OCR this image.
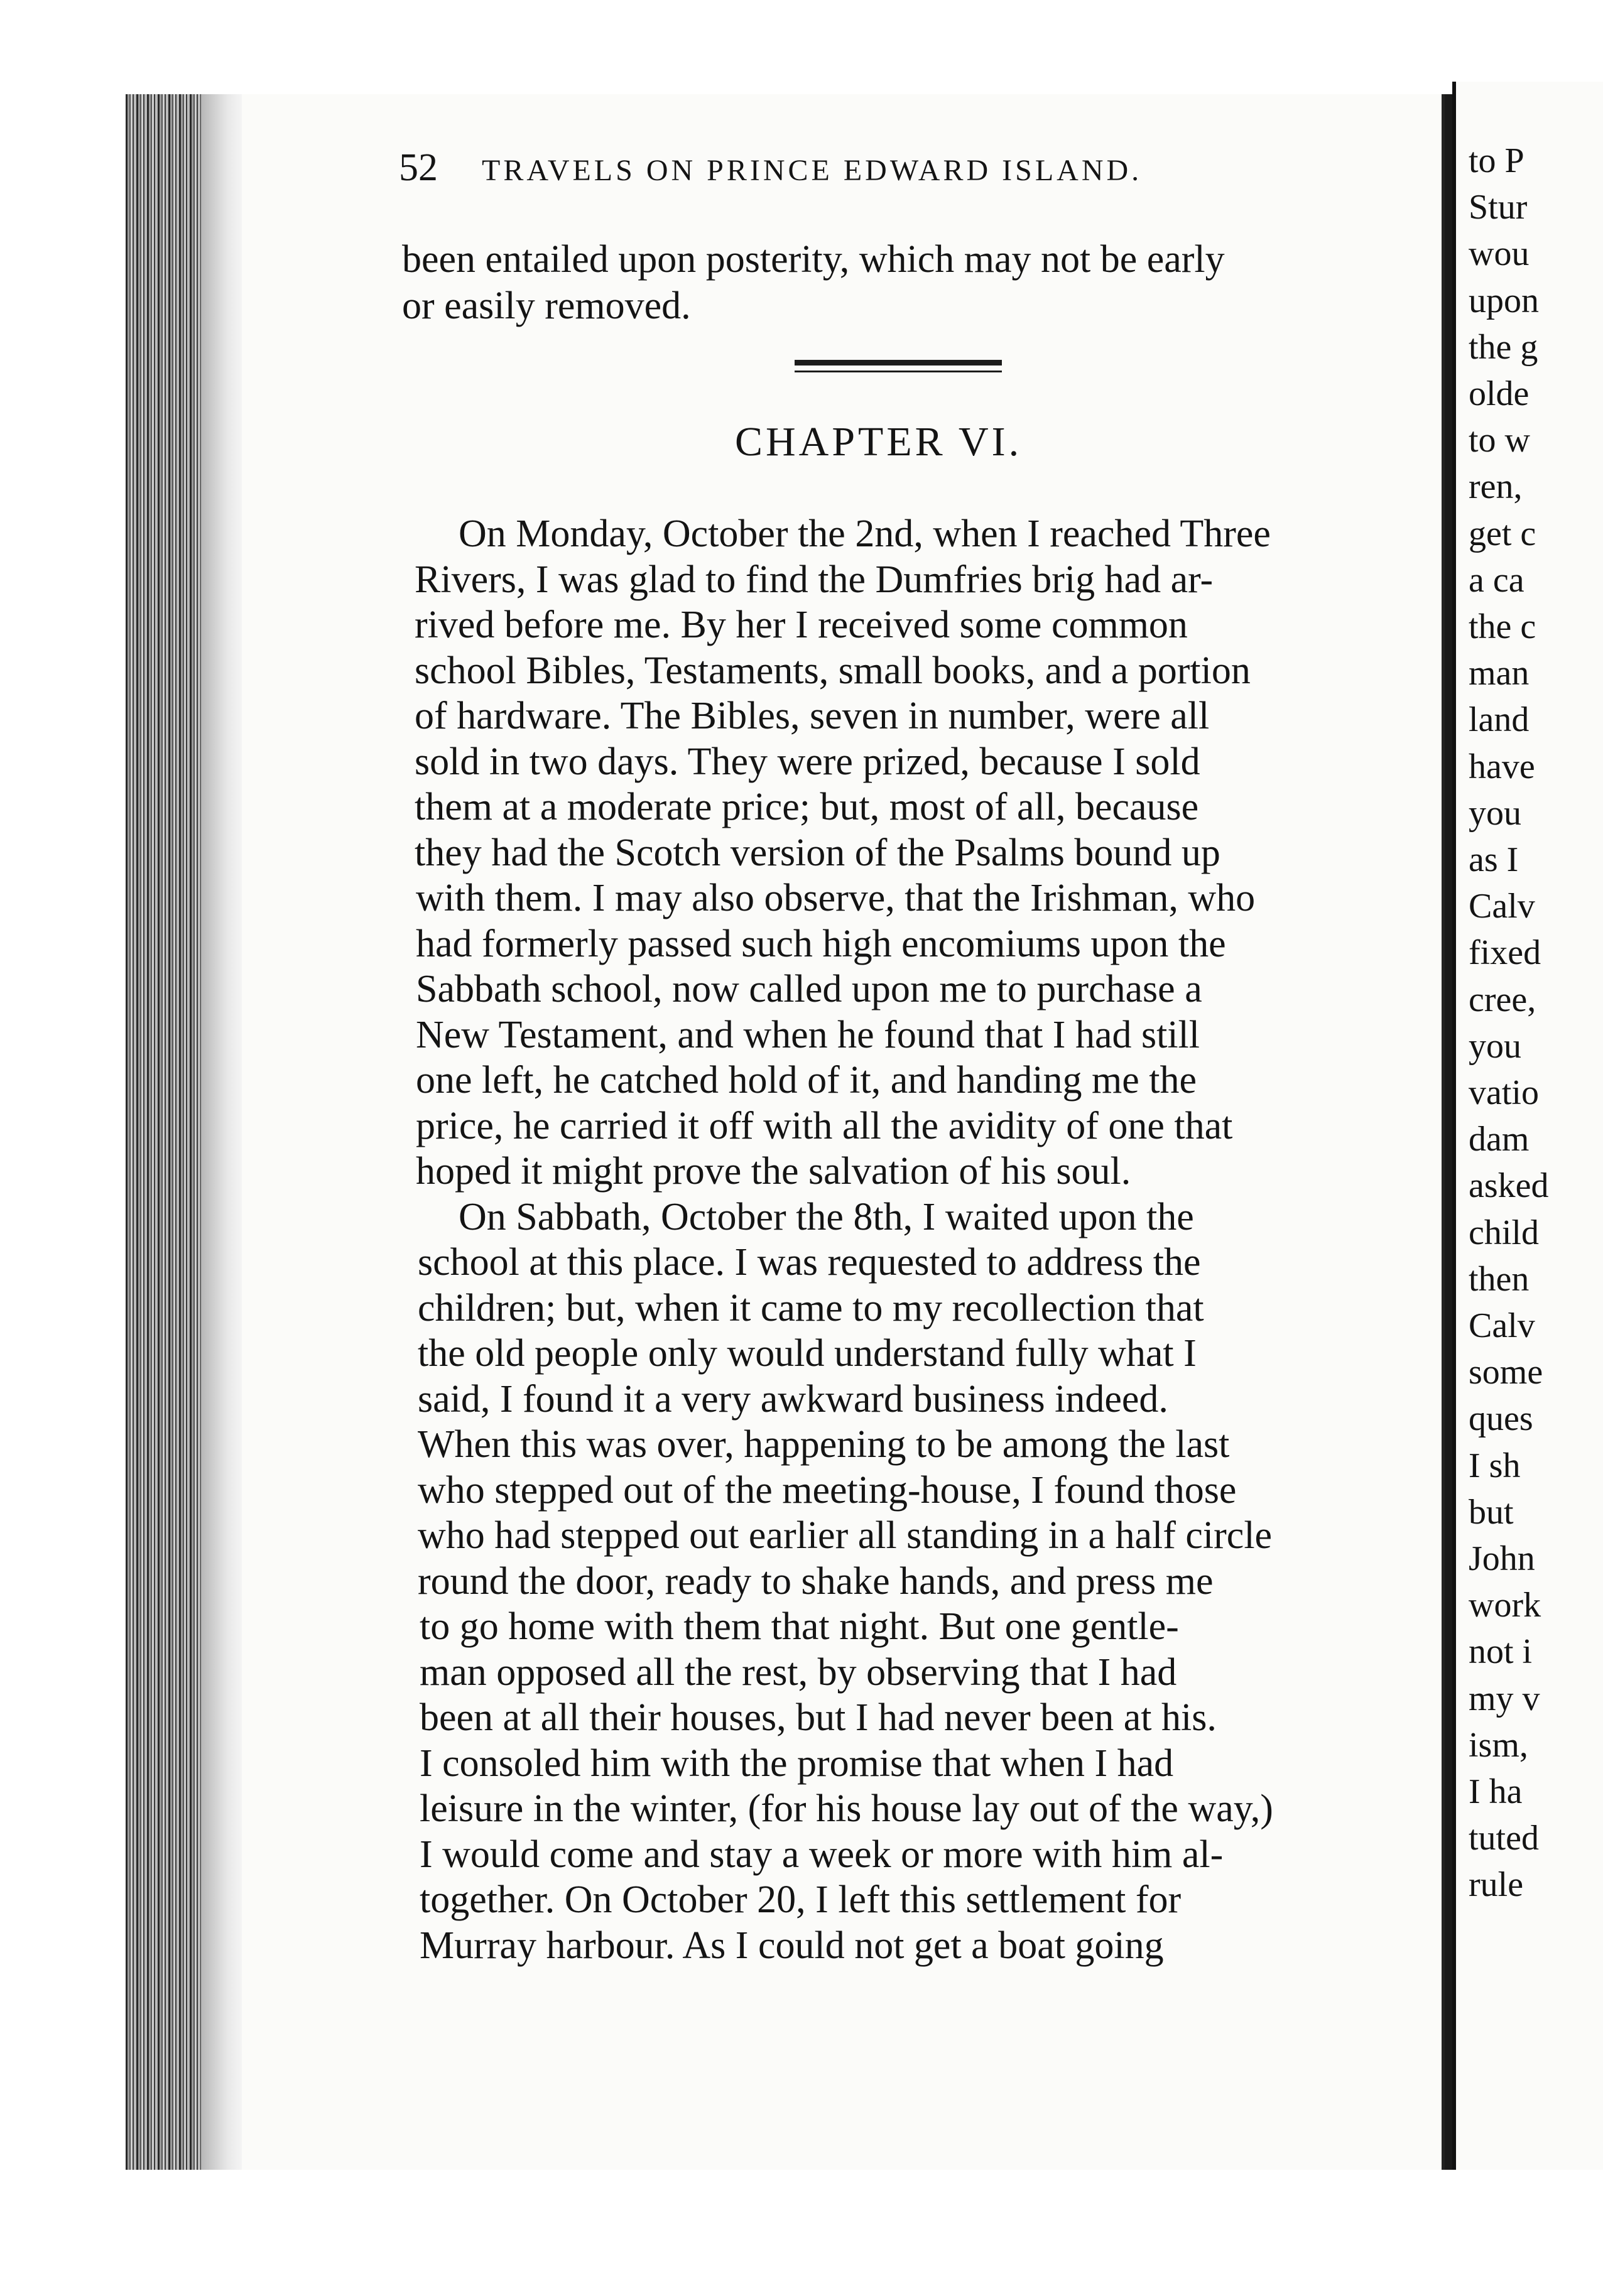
to P
Stur
wou
upon
the g
olde
to w
ren,
get c
a ca
the c
man
land
have
you
as I
Calv
fixed
cree,
you
vatio
dam
asked
child
then
Calv
some
ques
I sh
but
John
work
not i
my v
ism,
I ha
tuted
rule
52 TRAVELS ON PRINCE EDWARD ISLAND.
been entailed upon posterity, which may not be early
or easily removed.
CHAPTER VI.
On Monday, October the 2nd, when I reached Three
Rivers, I was glad to find the Dumfries brig had ar-
rived before me. By her I received some common
school Bibles, Testaments, small books, and a portion
of hardware. The Bibles, seven in number, were all
sold in two days. They were prized, because I sold
them at a moderate price; but, most of all, because
they had the Scotch version of the Psalms bound up
with them. I may also observe, that the Irishman, who
had formerly passed such high encomiums upon the
Sabbath school, now called upon me to purchase a
New Testament, and when he found that I had still
one left, he catched hold of it, and handing me the
price, he carried it off with all the avidity of one that
hoped it might prove the salvation of his soul.
On Sabbath, October the 8th, I waited upon the
school at this place. I was requested to address the
children; but, when it came to my recollection that
the old people only would understand fully what I
said, I found it a very awkward business indeed.
When this was over, happening to be among the last
who stepped out of the meeting-house, I found those
who had stepped out earlier all standing in a half circle
round the door, ready to shake hands, and press me
to go home with them that night. But one gentle-
man opposed all the rest, by observing that I had
been at all their houses, but I had never been at his.
I consoled him with the promise that when I had
leisure in the winter, (for his house lay out of the way,)
I would come and stay a week or more with him al-
together. On October 20, I left this settlement for
Murray harbour. As I could not get a boat going
